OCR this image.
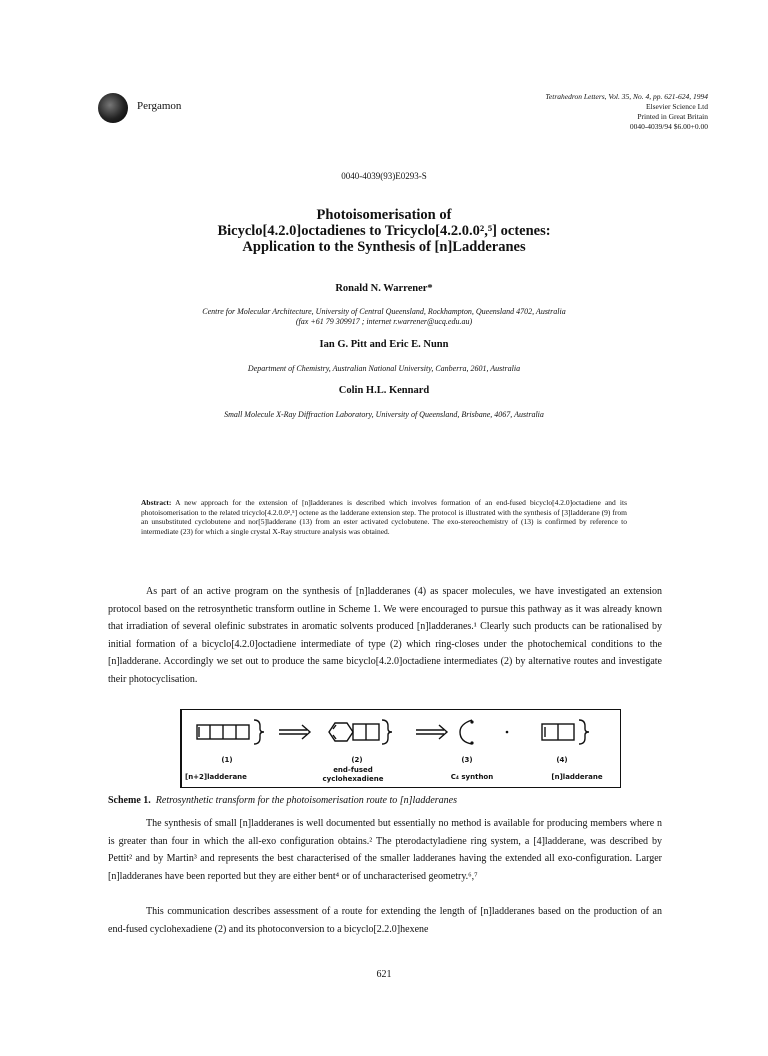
Pergamon
Tetrahedron Letters, Vol. 35, No. 4, pp. 621-624, 1994
Elsevier Science Ltd
Printed in Great Britain
0040-4039/94 $6.00+0.00
0040-4039(93)E0293-S
Photoisomerisation of
Bicyclo[4.2.0]octadienes to Tricyclo[4.2.0.0²,⁵] octenes:
Application to the Synthesis of [n]Ladderanes
Ronald N. Warrener*
Centre for Molecular Architecture, University of Central Queensland, Rockhampton, Queensland 4702, Australia
(fax +61 79 309917 ; internet r.warrener@ucq.edu.au)
Ian G. Pitt and Eric E. Nunn
Department of Chemistry, Australian National University, Canberra, 2601, Australia
Colin H.L. Kennard
Small Molecule X-Ray Diffraction Laboratory, University of Queensland, Brisbane, 4067, Australia
Abstract: A new approach for the extension of [n]ladderanes is described which involves formation of an end-fused bicyclo[4.2.0]octadiene and its photoisomerisation to the related tricyclo[4.2.0.0²,⁵] octene as the ladderane extension step. The protocol is illustrated with the synthesis of [3]ladderane (9) from an unsubstituted cyclobutene and nor[5]ladderane (13) from an ester activated cyclobutene. The exo-stereochemistry of (13) is confirmed by reference to intermediate (23) for which a single crystal X-Ray structure analysis was obtained.
As part of an active program on the synthesis of [n]ladderanes (4) as spacer molecules, we have investigated an extension protocol based on the retrosynthetic transform outline in Scheme 1. We were encouraged to pursue this pathway as it was already known that irradiation of several olefinic substrates in aromatic solvents produced [n]ladderanes.¹ Clearly such products can be rationalised by initial formation of a bicyclo[4.2.0]octadiene intermediate of type (2) which ring-closes under the photochemical conditions to the [n]ladderane. Accordingly we set out to produce the same bicyclo[4.2.0]octadiene intermediates (2) by alternative routes and investigate their photocyclisation.
(1)	(2)	(3)	(4)
[n+2]ladderane
end-fused cyclohexadiene	C₄ synthon	[n]ladderane
Scheme 1. Retrosynthetic transform for the photoisomerisation route to [n]ladderanes
The synthesis of small [n]ladderanes is well documented but essentially no method is available for producing members where n is greater than four in which the all-exo configuration obtains.² The pterodactyladiene ring system, a [4]ladderane, was described by Pettit² and by Martin³ and represents the best characterised of the smaller ladderanes having the extended all exo-configuration. Larger [n]ladderanes have been reported but they are either bent⁴ or of uncharacterised geometry.⁶,⁷
This communication describes assessment of a route for extending the length of [n]ladderanes based on the production of an end-fused cyclohexadiene (2) and its photoconversion to a bicyclo[2.2.0]hexene
621
